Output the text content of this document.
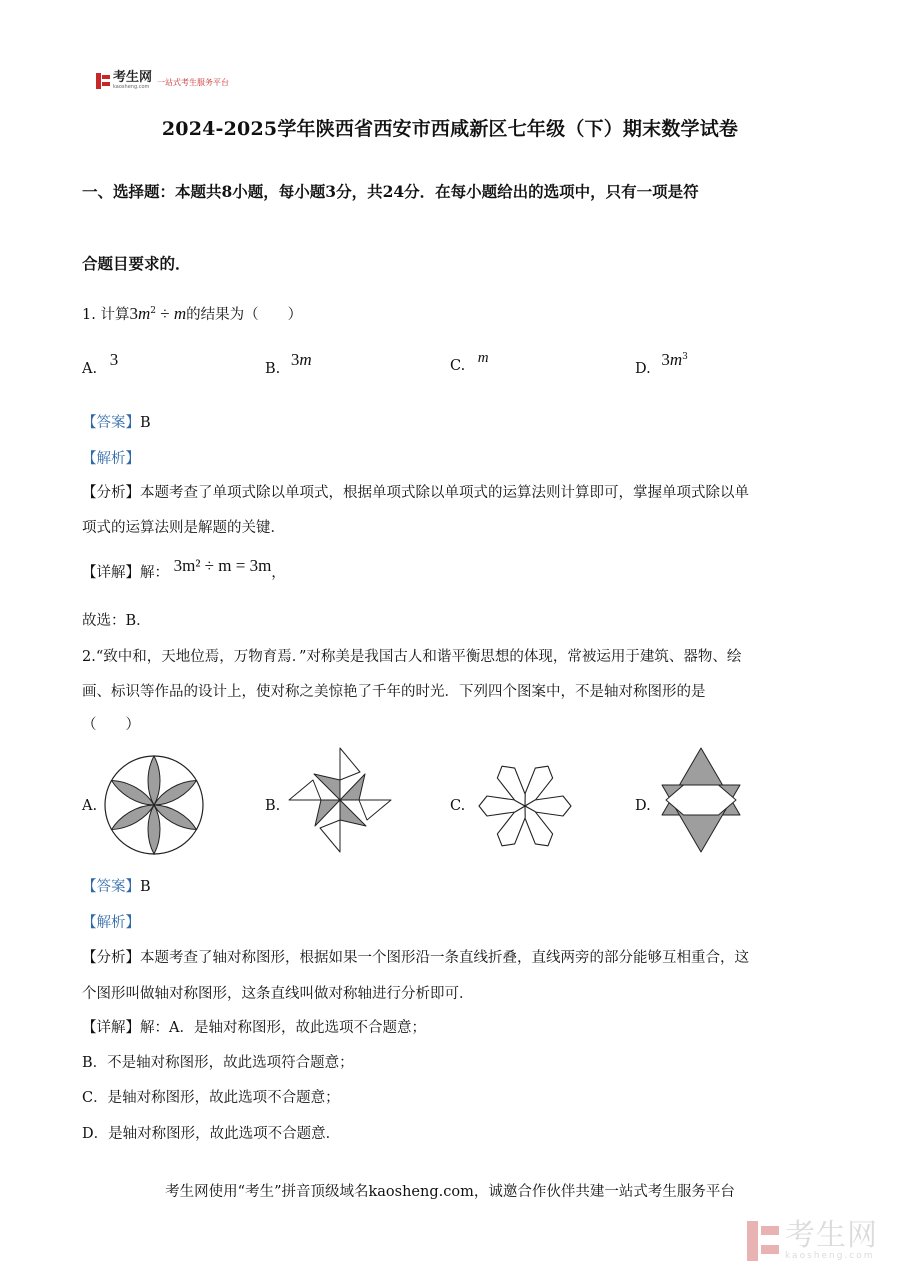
考生网
kaosheng.com
一站式考生服务平台
2024-2025学年陕西省西安市西咸新区七年级（下）期末数学试卷
一、选择题：本题共8小题，每小题3分，共24分．在每小题给出的选项中，只有一项是符
合题目要求的．
1. 计算$3m^2 \div m$的结果为（　　）
A. 3	B. 3m	C. m
D. $3m^3$
【答案】B
【解析】
【分析】本题考查了单项式除以单项式，根据单项式除以单项式的运算法则计算即可，掌握单项式除以单
项式的运算法则是解题的关键．
【详解】解： 3m² ÷ m = 3m，
故选：B．
2.“致中和，天地位焉，万物育焉．”对称美是我国古人和谐平衡思想的体现，常被运用于建筑、器物、绘
画、标识等作品的设计上，使对称之美惊艳了千年的时光．下列四个图案中，不是轴对称图形的是
（　　）
A.	B.	C.	D.
【答案】B
【解析】
【分析】本题考查了轴对称图形，根据如果一个图形沿一条直线折叠，直线两旁的部分能够互相重合，这
个图形叫做轴对称图形，这条直线叫做对称轴进行分析即可．
【详解】解：A．是轴对称图形，故此选项不合题意；
B．不是轴对称图形，故此选项符合题意；
C．是轴对称图形，故此选项不合题意；
D．是轴对称图形，故此选项不合题意．
考生网使用“考生”拼音顶级域名kaosheng.com，诚邀合作伙伴共建一站式考生服务平台
考生网
kaosheng.com
